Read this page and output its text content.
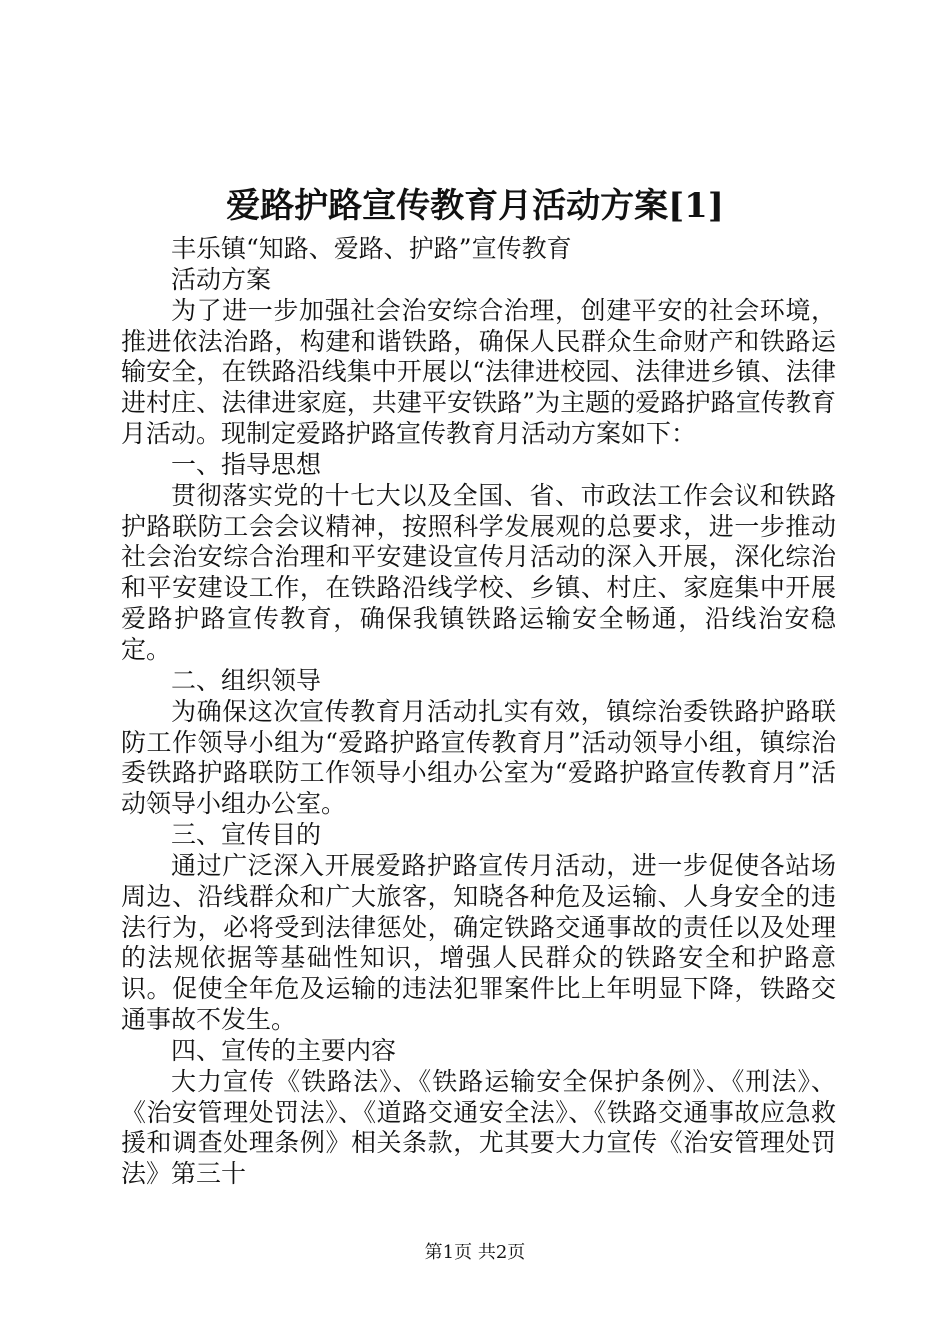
爱路护路宣传教育月活动方案[1]

丰乐镇“知路、爱路、护路”宣传教育

活动方案

为了进一步加强社会治安综合治理，创建平安的社会环境，推进依法治路，构建和谐铁路，确保人民群众生命财产和铁路运输安全，在铁路沿线集中开展以“法律进校园、法律进乡镇、法律进村庄、法律进家庭，共建平安铁路”为主题的爱路护路宣传教育月活动。现制定爱路护路宣传教育月活动方案如下：

一、指导思想

贯彻落实党的十七大以及全国、省、市政法工作会议和铁路护路联防工会会议精神，按照科学发展观的总要求，进一步推动社会治安综合治理和平安建设宣传月活动的深入开展，深化综治和平安建设工作，在铁路沿线学校、乡镇、村庄、家庭集中开展爱路护路宣传教育，确保我镇铁路运输安全畅通，沿线治安稳定。

二、组织领导

为确保这次宣传教育月活动扎实有效，镇综治委铁路护路联防工作领导小组为“爱路护路宣传教育月”活动领导小组，镇综治委铁路护路联防工作领导小组办公室为“爱路护路宣传教育月”活动领导小组办公室。

三、宣传目的

通过广泛深入开展爱路护路宣传月活动，进一步促使各站场周边、沿线群众和广大旅客，知晓各种危及运输、人身安全的违法行为，必将受到法律惩处，确定铁路交通事故的责任以及处理的法规依据等基础性知识，增强人民群众的铁路安全和护路意识。促使全年危及运输的违法犯罪案件比上年明显下降，铁路交通事故不发生。

四、宣传的主要内容

大力宣传《铁路法》、《铁路运输安全保护条例》、《刑法》、《治安管理处罚法》、《道路交通安全法》、《铁路交通事故应急救援和调查处理条例》相关条款，尤其要大力宣传《治安管理处罚法》第三十

第1页 共2页
